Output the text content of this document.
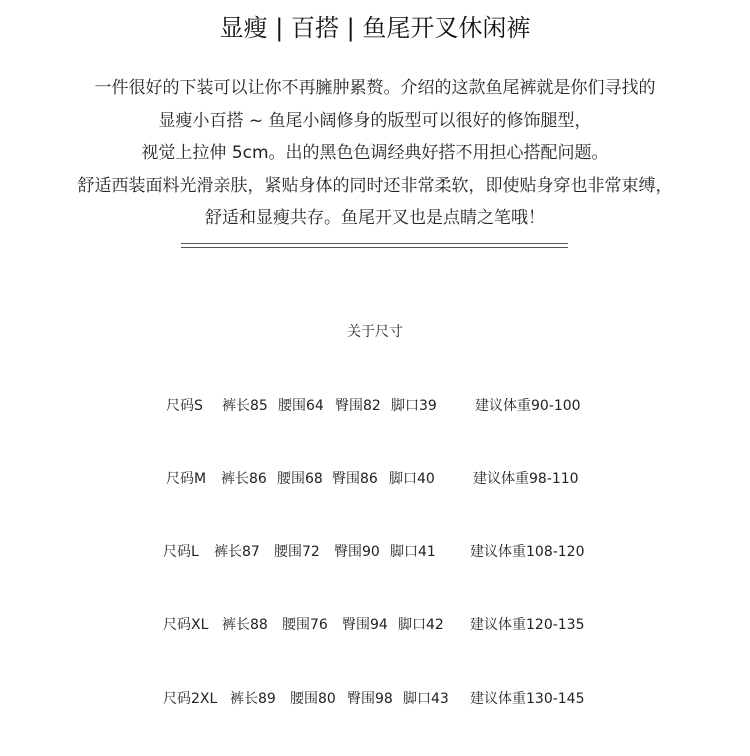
显瘦 | 百搭 | 鱼尾开叉休闲裤
一件很好的下装可以让你不再臃肿累赘。介绍的这款鱼尾裤就是你们寻找的
显瘦小百搭 ~ 鱼尾小阔修身的版型可以很好的修饰腿型，
视觉上拉伸 5cm。出的黑色色调经典好搭不用担心搭配问题。
舒适西装面料光滑亲肤，紧贴身体的同时还非常柔软，即使贴身穿也非常束缚，
舒适和显瘦共存。鱼尾开叉也是点睛之笔哦！
关于尺寸
尺码S 裤长85 腰围64 臀围82 脚口39	建议体重90-100
尺码M 裤长86 腰围68 臀围86 脚口40	建议体重98-110
尺码L 裤长87 腰围72 臀围90 脚口41 建议体重108-120
尺码XL 裤长88 腰围76 臀围94 脚口42 建议体重120-135
尺码2XL 裤长89 腰围80 臀围98 脚口43 建议体重130-145
